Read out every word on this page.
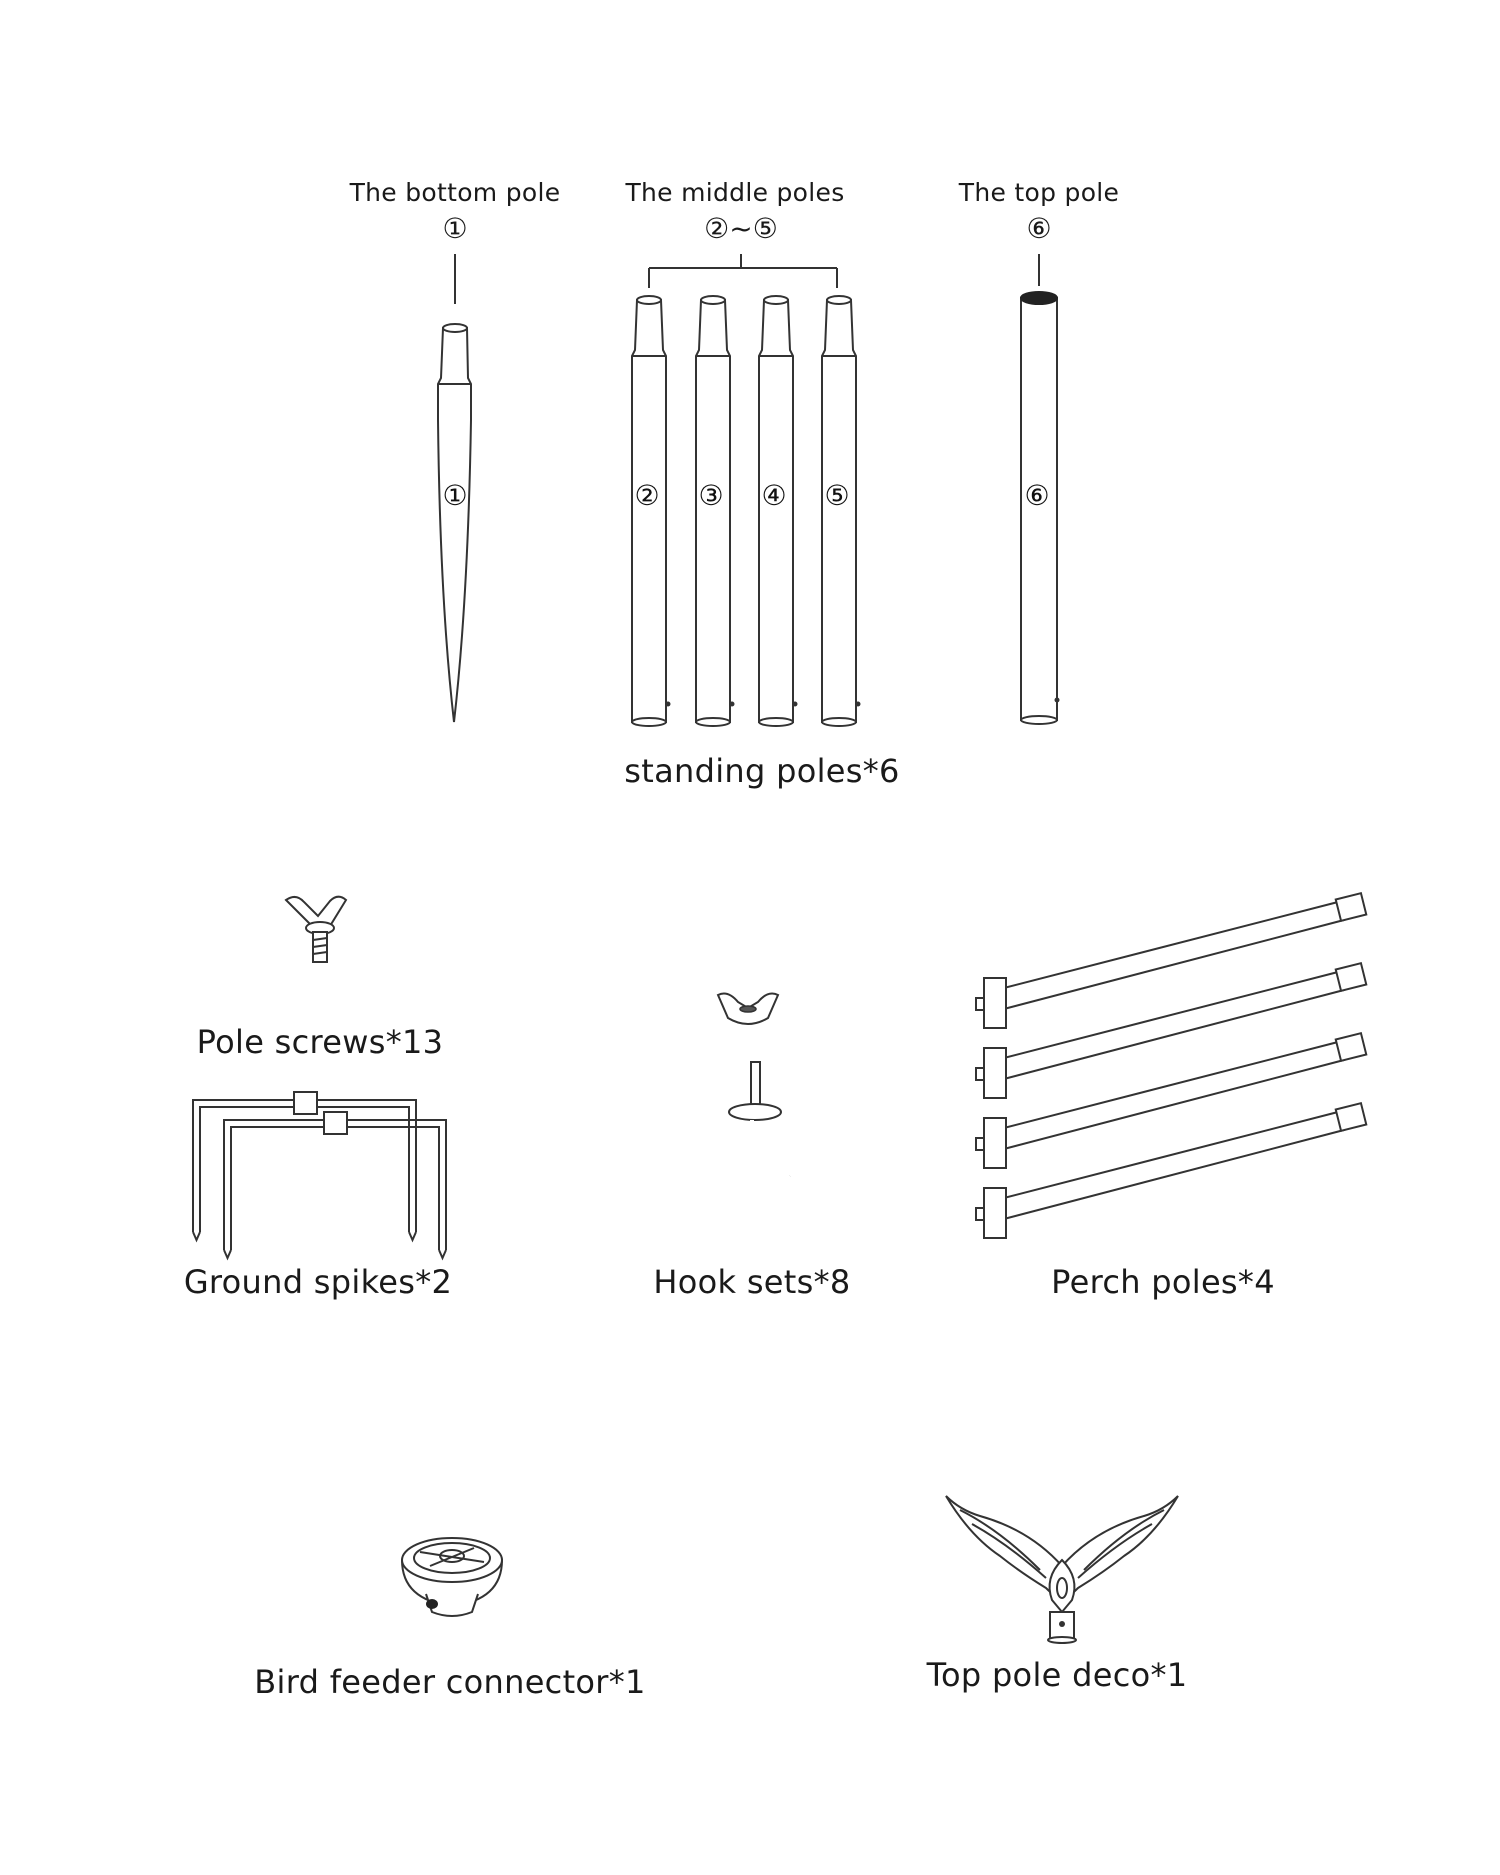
The bottom pole
①
The middle poles
②~⑤
The top pole
⑥
①	② ③ ④ ⑤	⑥
standing poles*6
Pole screws*13
Ground spikes*2	Hook sets*8	Perch poles*4
Bird feeder connector*1	Top pole deco*1
